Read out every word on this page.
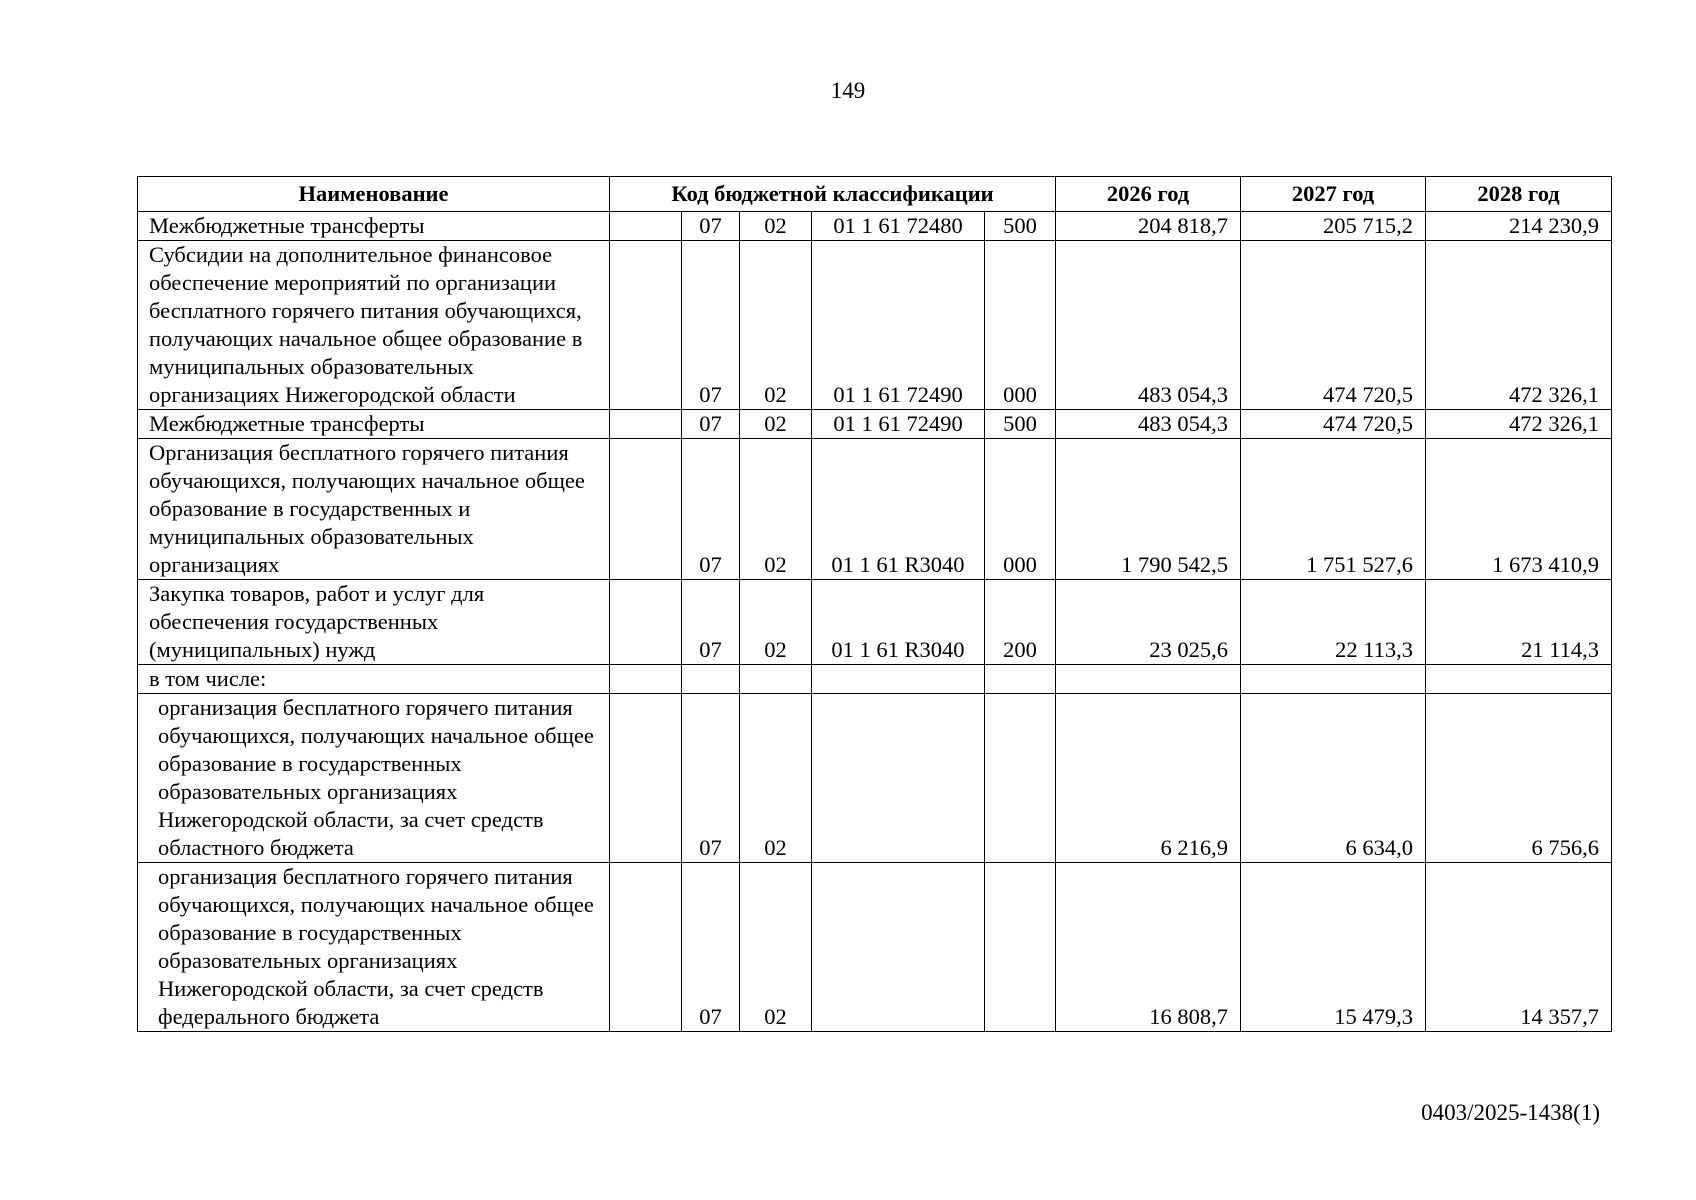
149
Наименование	Код бюджетной классификации					2026 год	2027 год	2028 год
Межбюджетные трансферты		07	02	01 1 61 72480	500	204 818,7	205 715,2	214 230,9
Субсидии на дополнительное финансовое обеспечение мероприятий по организации бесплатного горячего питания обучающихся, получающих начальное общее образование в муниципальных образовательных организациях Нижегородской области		07	02	01 1 61 72490	000	483 054,3	474 720,5	472 326,1
Межбюджетные трансферты		07	02	01 1 61 72490	500	483 054,3	474 720,5	472 326,1
Организация бесплатного горячего питания обучающихся, получающих начальное общее образование в государственных и муниципальных образовательных организациях		07	02	01 1 61 R3040	000	1 790 542,5	1 751 527,6	1 673 410,9
Закупка товаров, работ и услуг для обеспечения государственных (муниципальных) нужд		07	02	01 1 61 R3040	200	23 025,6	22 113,3	21 114,3
в том числе:								
организация бесплатного горячего питания обучающихся, получающих начальное общее образование в государственных образовательных организациях Нижегородской области, за счет средств областного бюджета		07	02			6 216,9	6 634,0	6 756,6
организация бесплатного горячего питания обучающихся, получающих начальное общее образование в государственных образовательных организациях Нижегородской области, за счет средств федерального бюджета		07	02			16 808,7	15 479,3	14 357,7
0403/2025-1438(1)
